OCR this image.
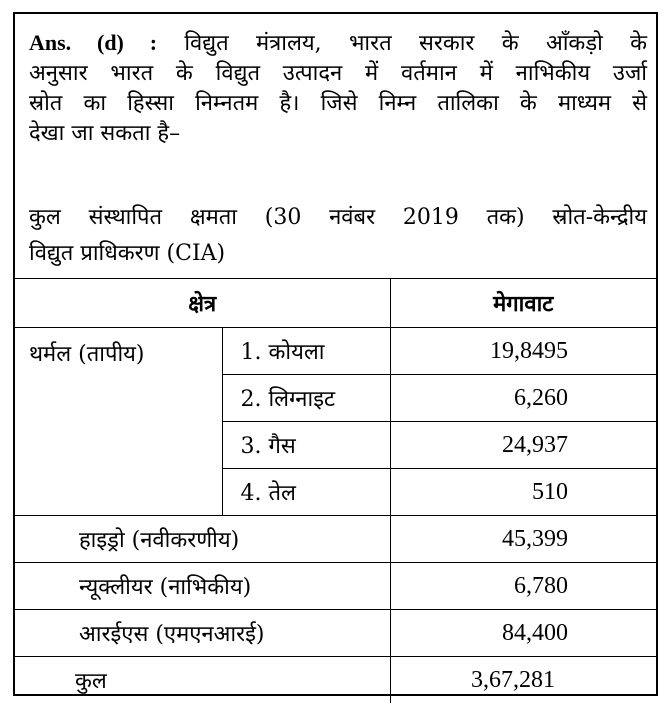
Ans. (d) : विद्युत मंत्रालय, भारत सरकार के आँकड़ो के
अनुसार भारत के विद्युत उत्पादन में वर्तमान में नाभिकीय उर्जा
स्रोत का हिस्सा निम्नतम है। जिसे निम्न तालिका के माध्यम से
देखा जा सकता है–
कुल संस्थापित क्षमता (30 नवंबर 2019 तक) स्रोत-केन्द्रीय
विद्युत प्राधिकरण (CIA)
क्षेत्र		मेगावाट
थर्मल (तापीय)	1. कोयला	19,8495
	2. लिग्नाइट	6,260
	3. गैस	24,937
	4. तेल	510
हाइड्रो (नवीकरणीय)		45,399
न्यूक्लीयर (नाभिकीय)		6,780
आरईएस (एमएनआरई)		84,400
कुल		3,67,281
